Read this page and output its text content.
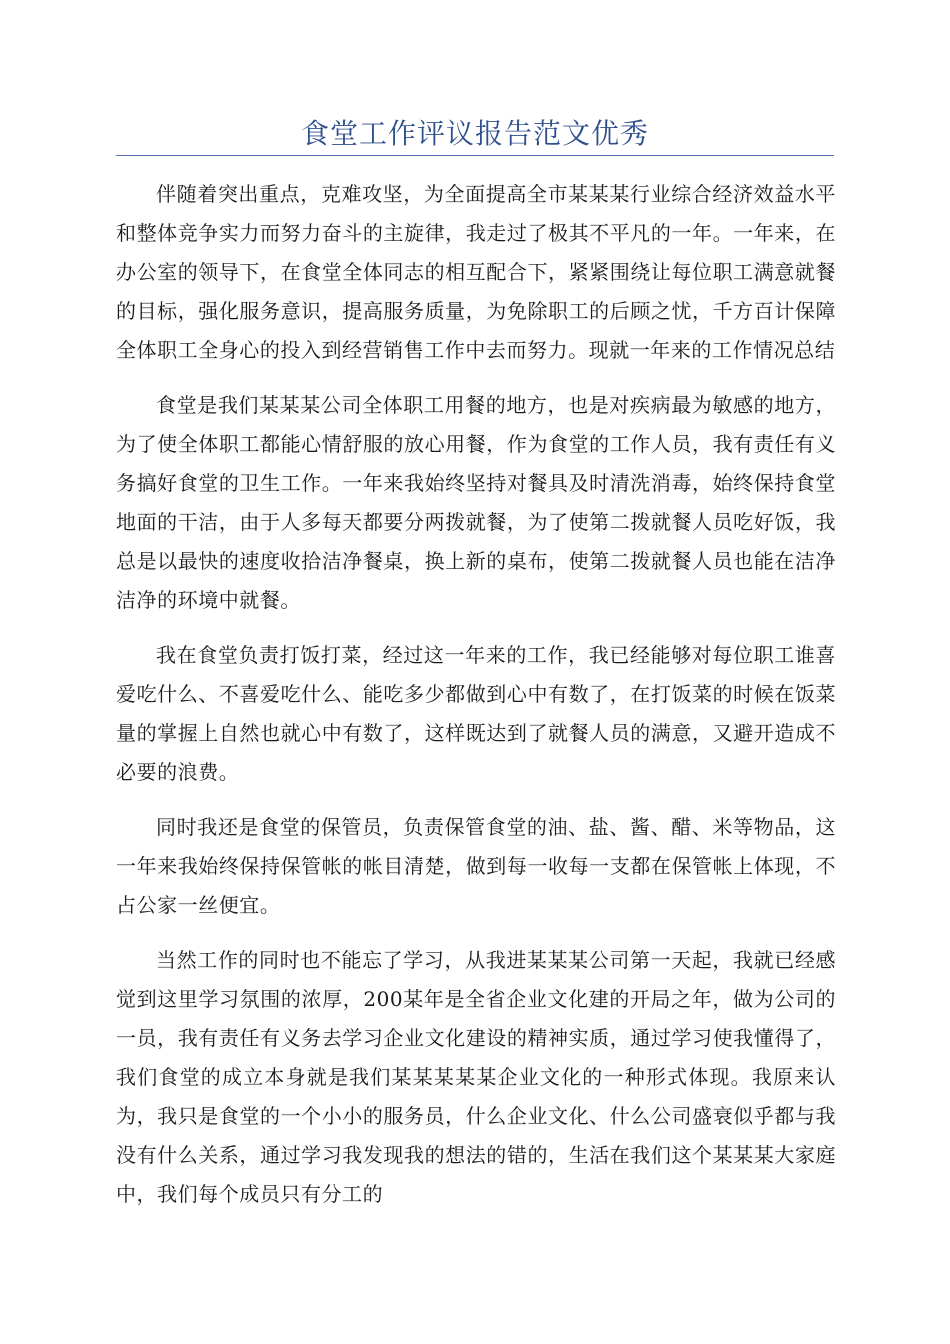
食堂工作评议报告范文优秀

伴随着突出重点，克难攻坚，为全面提高全市某某某行业综合经济效益水平和整体竞争实力而努力奋斗的主旋律，我走过了极其不平凡的一年。一年来，在办公室的领导下，在食堂全体同志的相互配合下，紧紧围绕让每位职工满意就餐的目标，强化服务意识，提高服务质量，为免除职工的后顾之忧，千方百计保障全体职工全身心的投入到经营销售工作中去而努力。现就一年来的工作情况总结

食堂是我们某某某公司全体职工用餐的地方，也是对疾病最为敏感的地方，为了使全体职工都能心情舒服的放心用餐，作为食堂的工作人员，我有责任有义务搞好食堂的卫生工作。一年来我始终坚持对餐具及时清洗消毒，始终保持食堂地面的干洁，由于人多每天都要分两拨就餐，为了使第二拨就餐人员吃好饭，我总是以最快的速度收拾洁净餐桌，换上新的桌布，使第二拨就餐人员也能在洁净洁净的环境中就餐。

我在食堂负责打饭打菜，经过这一年来的工作，我已经能够对每位职工谁喜爱吃什么、不喜爱吃什么、能吃多少都做到心中有数了，在打饭菜的时候在饭菜量的掌握上自然也就心中有数了，这样既达到了就餐人员的满意，又避开造成不必要的浪费。

同时我还是食堂的保管员，负责保管食堂的油、盐、酱、醋、米等物品，这一年来我始终保持保管帐的帐目清楚，做到每一收每一支都在保管帐上体现，不占公家一丝便宜。

当然工作的同时也不能忘了学习，从我进某某某公司第一天起，我就已经感觉到这里学习氛围的浓厚，200某年是全省企业文化建的开局之年，做为公司的一员，我有责任有义务去学习企业文化建设的精神实质，通过学习使我懂得了，我们食堂的成立本身就是我们某某某某某企业文化的一种形式体现。我原来认为，我只是食堂的一个小小的服务员，什么企业文化、什么公司盛衰似乎都与我没有什么关系，通过学习我发现我的想法的错的，生活在我们这个某某某大家庭中，我们每个成员只有分工的
